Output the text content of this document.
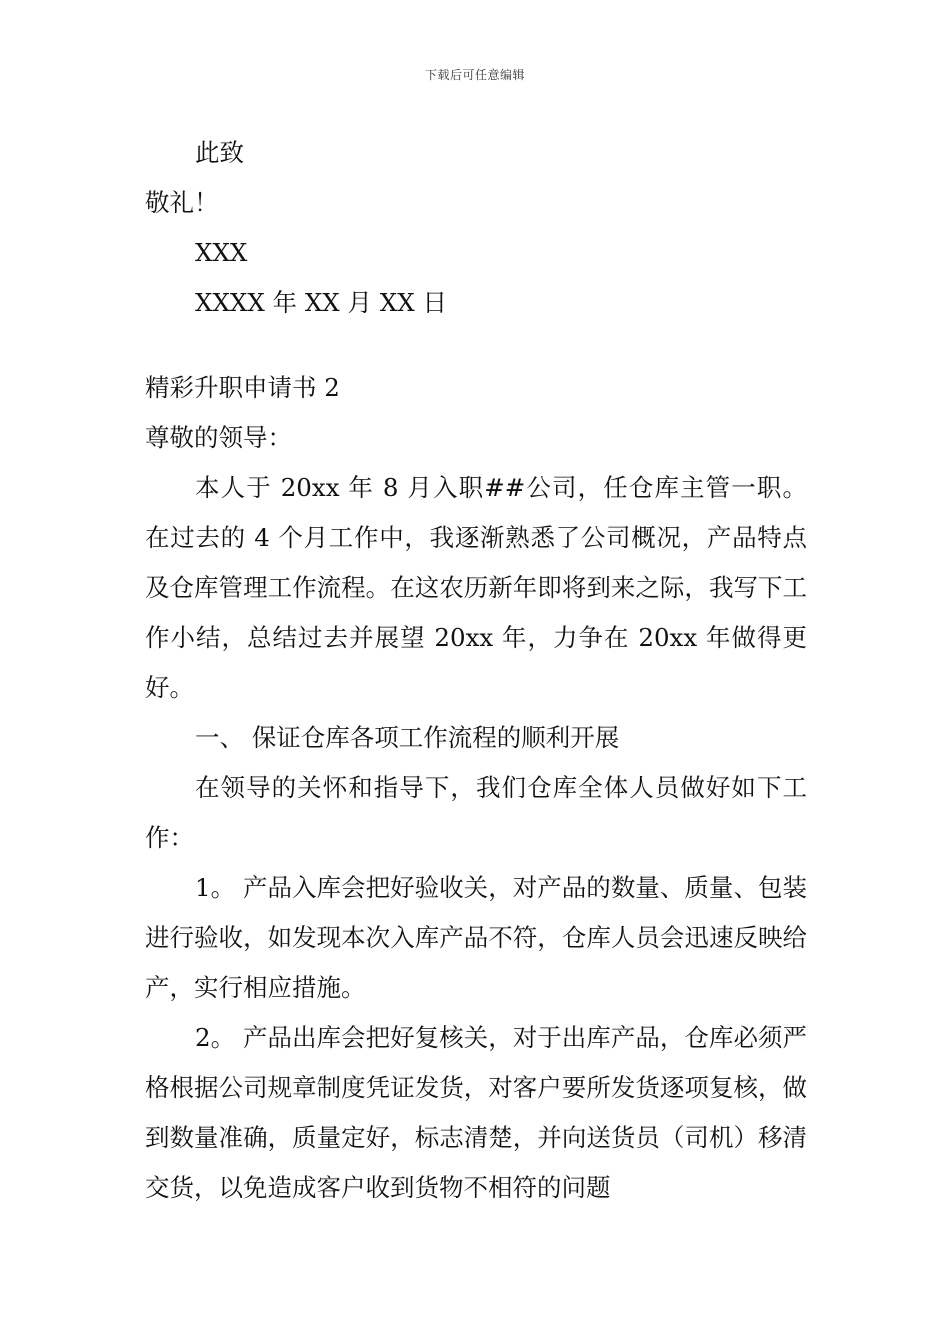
下载后可任意编辑
此致
敬礼！
XXX
XXXX 年 XX 月 XX 日
精彩升职申请书 2
尊敬的领导：

本人于 20xx 年 8 月入职##公司，任仓库主管一职。在过去的 4 个月工作中，我逐渐熟悉了公司概况，产品特点及仓库管理工作流程。在这农历新年即将到来之际，我写下工作小结，总结过去并展望 20xx 年，力争在 20xx 年做得更好。

一、 保证仓库各项工作流程的顺利开展

在领导的关怀和指导下，我们仓库全体人员做好如下工作：

1。 产品入库会把好验收关，对产品的数量、质量、包装进行验收，如发现本次入库产品不符，仓库人员会迅速反映给产，实行相应措施。

2。 产品出库会把好复核关，对于出库产品，仓库必须严格根据公司规章制度凭证发货，对客户要所发货逐项复核，做到数量准确，质量定好，标志清楚，并向送货员（司机）移清交货，以免造成客户收到货物不相符的问题
